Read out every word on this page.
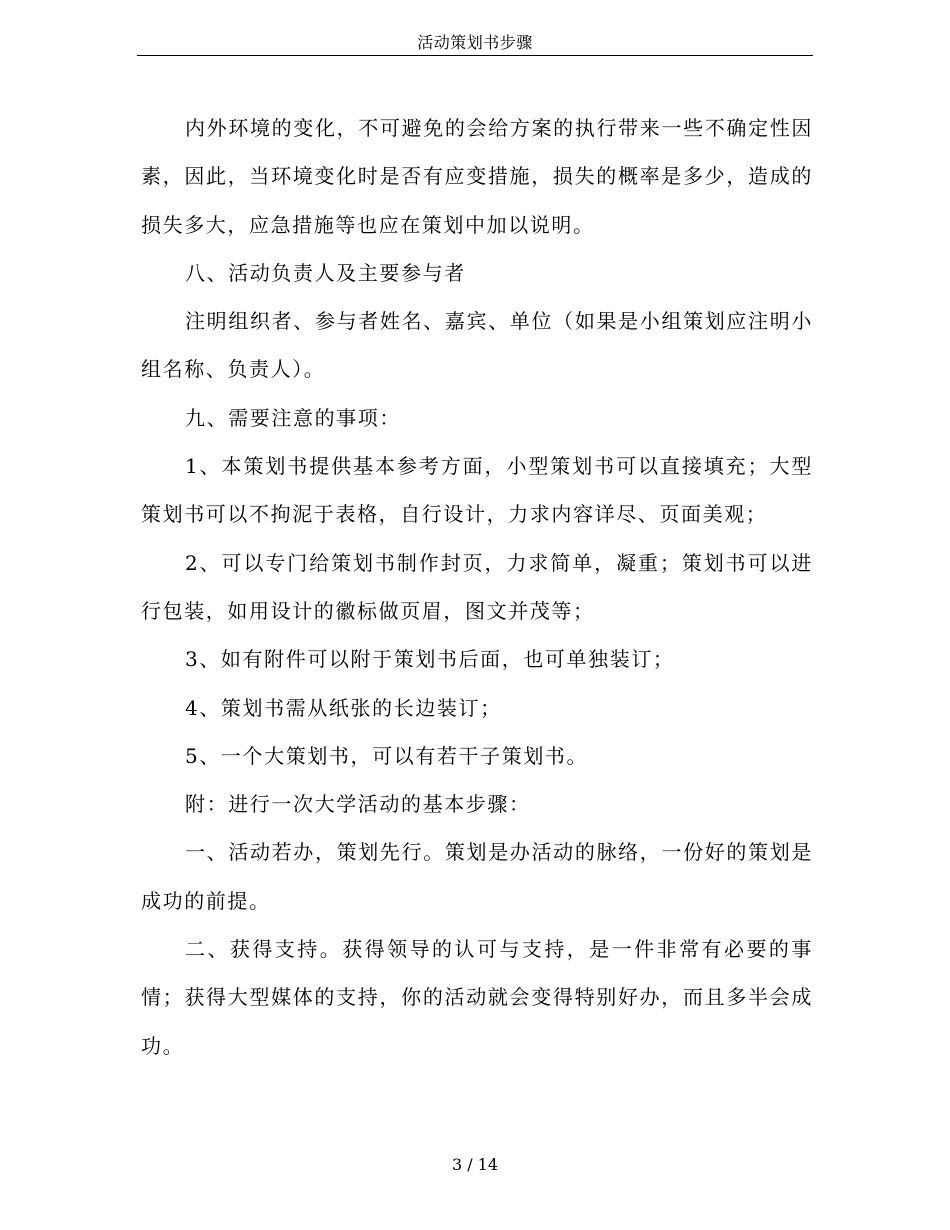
活动策划书步骤

内外环境的变化，不可避免的会给方案的执行带来一些不确定性因素，因此，当环境变化时是否有应变措施，损失的概率是多少，造成的损失多大，应急措施等也应在策划中加以说明。

八、活动负责人及主要参与者

注明组织者、参与者姓名、嘉宾、单位（如果是小组策划应注明小组名称、负责人）。

九、需要注意的事项：

1、本策划书提供基本参考方面，小型策划书可以直接填充；大型策划书可以不拘泥于表格，自行设计，力求内容详尽、页面美观；

2、可以专门给策划书制作封页，力求简单，凝重；策划书可以进行包装，如用设计的徽标做页眉，图文并茂等；

3、如有附件可以附于策划书后面，也可单独装订；

4、策划书需从纸张的长边装订；

5、一个大策划书，可以有若干子策划书。

附：进行一次大学活动的基本步骤：

一、活动若办，策划先行。策划是办活动的脉络，一份好的策划是成功的前提。

二、获得支持。获得领导的认可与支持，是一件非常有必要的事情；获得大型媒体的支持，你的活动就会变得特别好办，而且多半会成功。

3 / 14
